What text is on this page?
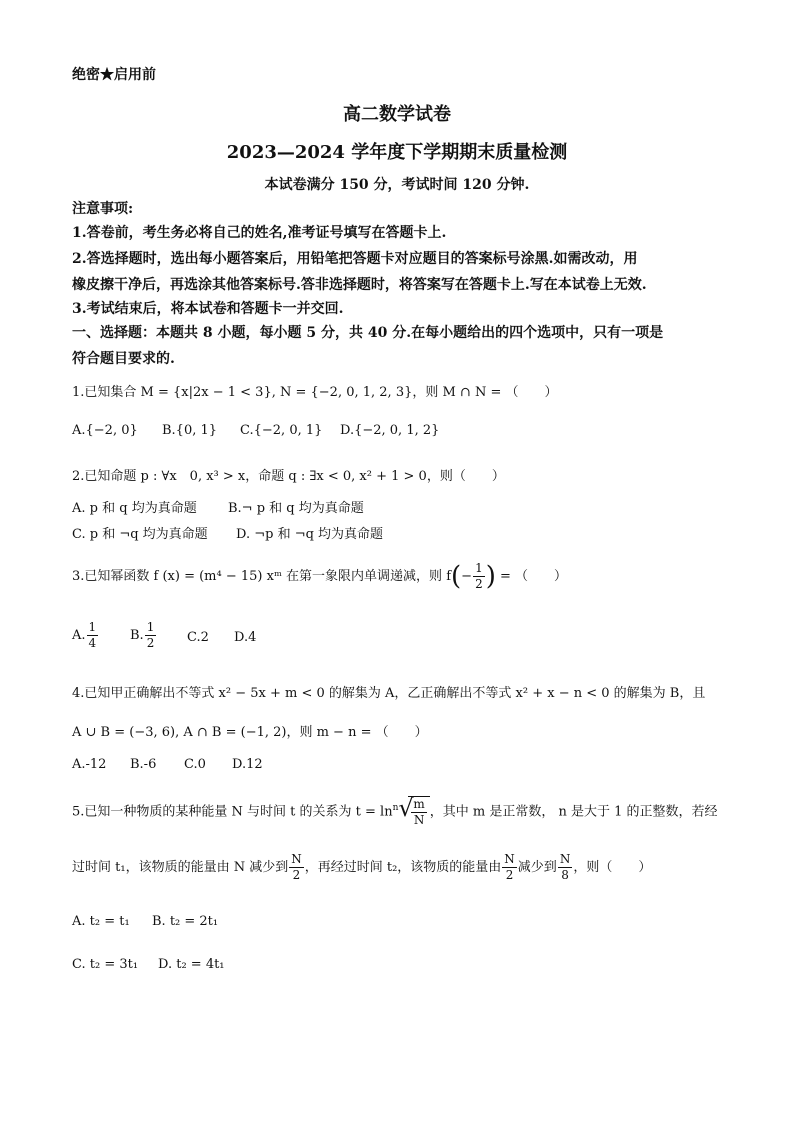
绝密★启用前
高二数学试卷
2023—2024 学年度下学期期末质量检测
本试卷满分 150 分，考试时间 120 分钟.
注意事项:
1.答卷前，考生务必将自己的姓名,准考证号填写在答题卡上.
2.答选择题时，选出每小题答案后，用铅笔把答题卡对应题目的答案标号涂黑.如需改动，用
橡皮擦干净后，再选涂其他答案标号.答非选择题时，将答案写在答题卡上.写在本试卷上无效.
3.考试结束后，将本试卷和答题卡一并交回.
一、选择题：本题共 8 小题，每小题 5 分，共 40 分.在每小题给出的四个选项中，只有一项是
符合题目要求的.
1.已知集合 M = {x|2x − 1 < 3}, N = {−2, 0, 1, 2, 3}，则 M ∩ N = （　　）
A.{−2, 0} B.{0, 1} C.{−2, 0, 1} D.{−2, 0, 1, 2}
2.已知命题 p : ∀x　0, x³ > x，命题 q : ∃x < 0, x² + 1 > 0，则（　　）
A. p 和 q 均为真命题 B.¬ p 和 q 均为真命题
C. p 和 ¬q 均为真命题 D. ¬p 和 ¬q 均为真命题
3.已知幂函数 f (x) = (m⁴ − 15) xᵐ 在第一象限内单调递减，则 $f(- \frac{1}{2}$ ) = （　　）
A. $\frac{1}{4} B$. $\frac{1}{2} C.2$ D.4
4.已知甲正确解出不等式 x² − 5x + m < 0 的解集为 A，乙正确解出不等式 x² + x − n < 0 的解集为 B，且
A ∪ B = (−3, 6), A ∩ B = (−1, 2)，则 m − n = （　　）
A.-12 B.-6 C.0 D.12
5.已知一种物质的某种能量 N 与时间 t 的关系为 $t = \ln^n$ √
$\frac{m}{N}$ ，其中 m 是正常数， n 是大于 1 的正整数，若经
过时间 t₁，该物质的能量由 N 减少到 $\frac{N}{2}$ ，再经过时间 t₂，该物质的能量由 $\frac{N}{2}$ 减少到 $\frac{N}{8}$ ，则（　　）
A. t₂ = t₁ B. t₂ = 2t₁
C. t₂ = 3t₁ D. t₂ = 4t₁
